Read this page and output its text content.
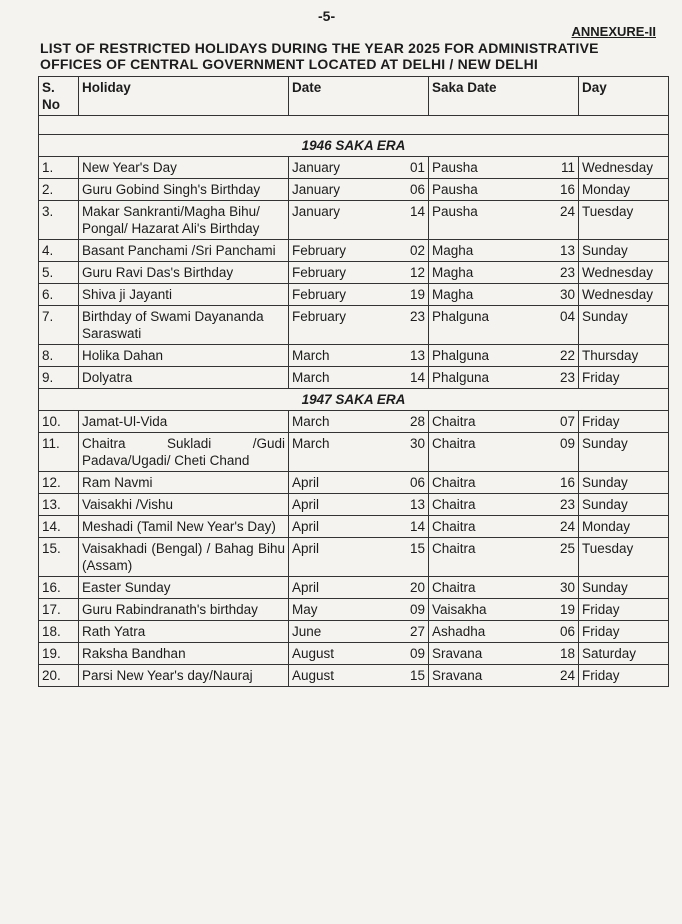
-5-
ANNEXURE-II
LIST OF RESTRICTED HOLIDAYS DURING THE YEAR 2025 FOR ADMINISTRATIVE
OFFICES OF CENTRAL GOVERNMENT LOCATED AT DELHI / NEW DELHI
S. No	Holiday	Date	Saka Date	Day

1946 SAKA ERA				
1.	New Year's Day	January 01	Pausha 11	Wednesday
2.	Guru Gobind Singh's Birthday	January 06	Pausha 16	Monday
3.	Makar Sankranti/Magha Bihu/ Pongal/ Hazarat Ali's Birthday	January 14	Pausha 24	Tuesday
4.	Basant Panchami /Sri Panchami	February 02	Magha 13	Sunday
5.	Guru Ravi Das's Birthday	February 12	Magha 23	Wednesday
6.	Shiva ji Jayanti	February 19	Magha 30	Wednesday
7.	Birthday of Swami Dayananda Saraswati	February 23	Phalguna 04	Sunday
8.	Holika Dahan	March 13	Phalguna 22	Thursday
9.	Dolyatra	March 14	Phalguna 23	Friday
1947 SAKA ERA				
10.	Jamat-Ul-Vida	March 28	Chaitra 07	Friday
11.	Chaitra Sukladi /Gudi Padava/Ugadi/ Cheti Chand	March 30	Chaitra 09	Sunday
12.	Ram Navmi	April 06	Chaitra 16	Sunday
13.	Vaisakhi /Vishu	April 13	Chaitra 23	Sunday
14.	Meshadi (Tamil New Year's Day)	April 14	Chaitra 24	Monday
15.	Vaisakhadi (Bengal) / Bahag Bihu (Assam)	April 15	Chaitra 25	Tuesday
16.	Easter Sunday	April 20	Chaitra 30	Sunday
17.	Guru Rabindranath's birthday	May 09	Vaisakha 19	Friday
18.	Rath Yatra	June 27	Ashadha 06	Friday
19.	Raksha Bandhan	August 09	Sravana 18	Saturday
20.	Parsi New Year's day/Nauraj	August 15	Sravana 24	Friday
